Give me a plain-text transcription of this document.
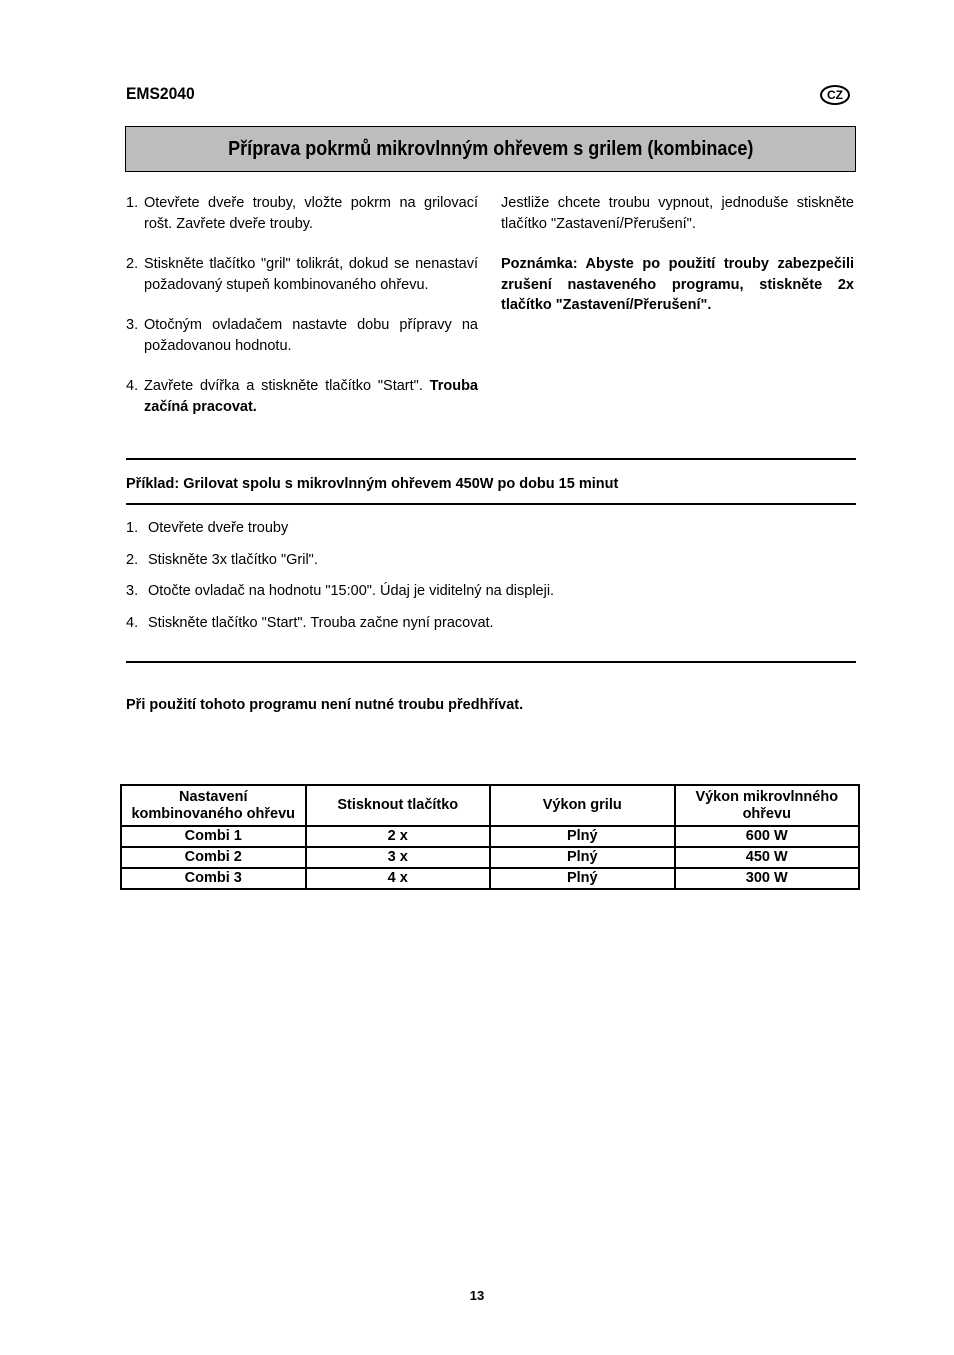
EMS2040	CZ
Příprava pokrmů mikrovlnným ohřevem s grilem (kombinace)
1. Otevřete dveře trouby, vložte pokrm na grilovací rošt. Zavřete dveře trouby.
2. Stiskněte tlačítko "gril" tolikrát, dokud se nenastaví požadovaný stupeň kombinovaného ohřevu.
3. Otočným ovladačem nastavte dobu přípravy na požadovanou hodnotu.
4. Zavřete dvířka a stiskněte tlačítko "Start". Trouba začíná pracovat.

Jestliže chcete troubu vypnout, jednoduše stiskněte tlačítko "Zastavení/Přerušení".

Poznámka: Abyste po použití trouby zabezpečili zrušení nastaveného programu, stiskněte 2x tlačítko "Zastavení/Přerušení".

Příklad: Grilovat spolu s mikrovlnným ohřevem 450W po dobu 15 minut
1. Otevřete dveře trouby
2. Stiskněte 3x tlačítko "Gril".
3. Otočte ovladač na hodnotu "15:00". Údaj je viditelný na displeji.
4. Stiskněte tlačítko "Start". Trouba začne nyní pracovat.
Při použití tohoto programu není nutné troubu předhřívat.
Nastavení kombinovaného ohřevu	Stisknout tlačítko	Výkon grilu	Výkon mikrovlnného ohřevu
Combi 1	2 x	Plný	600 W
Combi 2	3 x	Plný	450 W
Combi 3	4 x	Plný	300 W
13
